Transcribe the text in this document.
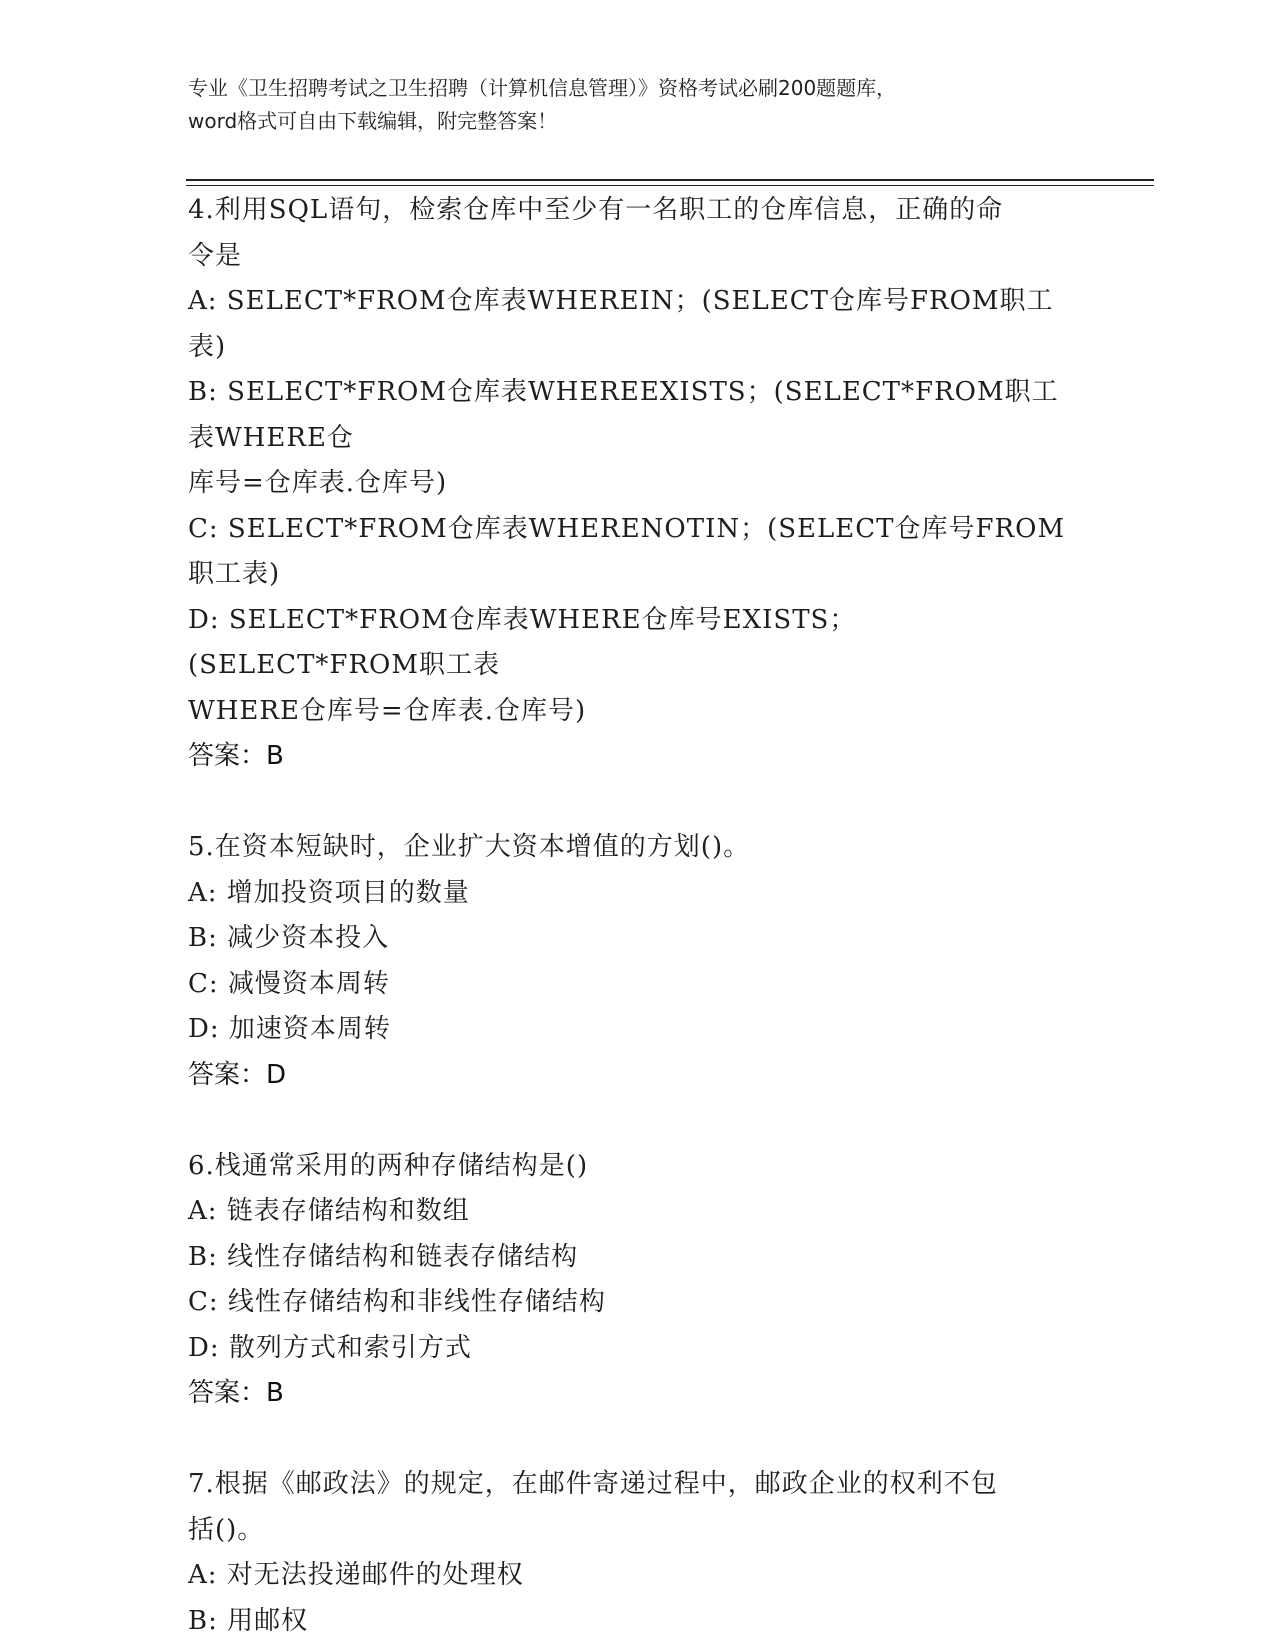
专业《卫生招聘考试之卫生招聘（计算机信息管理）》资格考试必刷200题题库，
word格式可自由下载编辑，附完整答案！

4.利用SQL语句，检索仓库中至少有一名职工的仓库信息，正确的命

令是

A: SELECT*FROM仓库表WHEREIN；(SELECT仓库号FROM职工表)

B: SELECT*FROM仓库表WHEREEXISTS；(SELECT*FROM职工表WHERE仓

库号=仓库表.仓库号)

C: SELECT*FROM仓库表WHERENOTIN；(SELECT仓库号FROM职工表)

D: SELECT*FROM仓库表WHERE仓库号EXISTS；(SELECT*FROM职工表

WHERE仓库号=仓库表.仓库号)

答案：B

5.在资本短缺时，企业扩大资本增值的方划()。

A: 增加投资项目的数量

B: 减少资本投入

C: 减慢资本周转

D: 加速资本周转

答案：D

6.栈通常采用的两种存储结构是()

A: 链表存储结构和数组

B: 线性存储结构和链表存储结构

C: 线性存储结构和非线性存储结构

D: 散列方式和索引方式

答案：B

7.根据《邮政法》的规定，在邮件寄递过程中，邮政企业的权利不包

括()。

A: 对无法投递邮件的处理权

B: 用邮权
